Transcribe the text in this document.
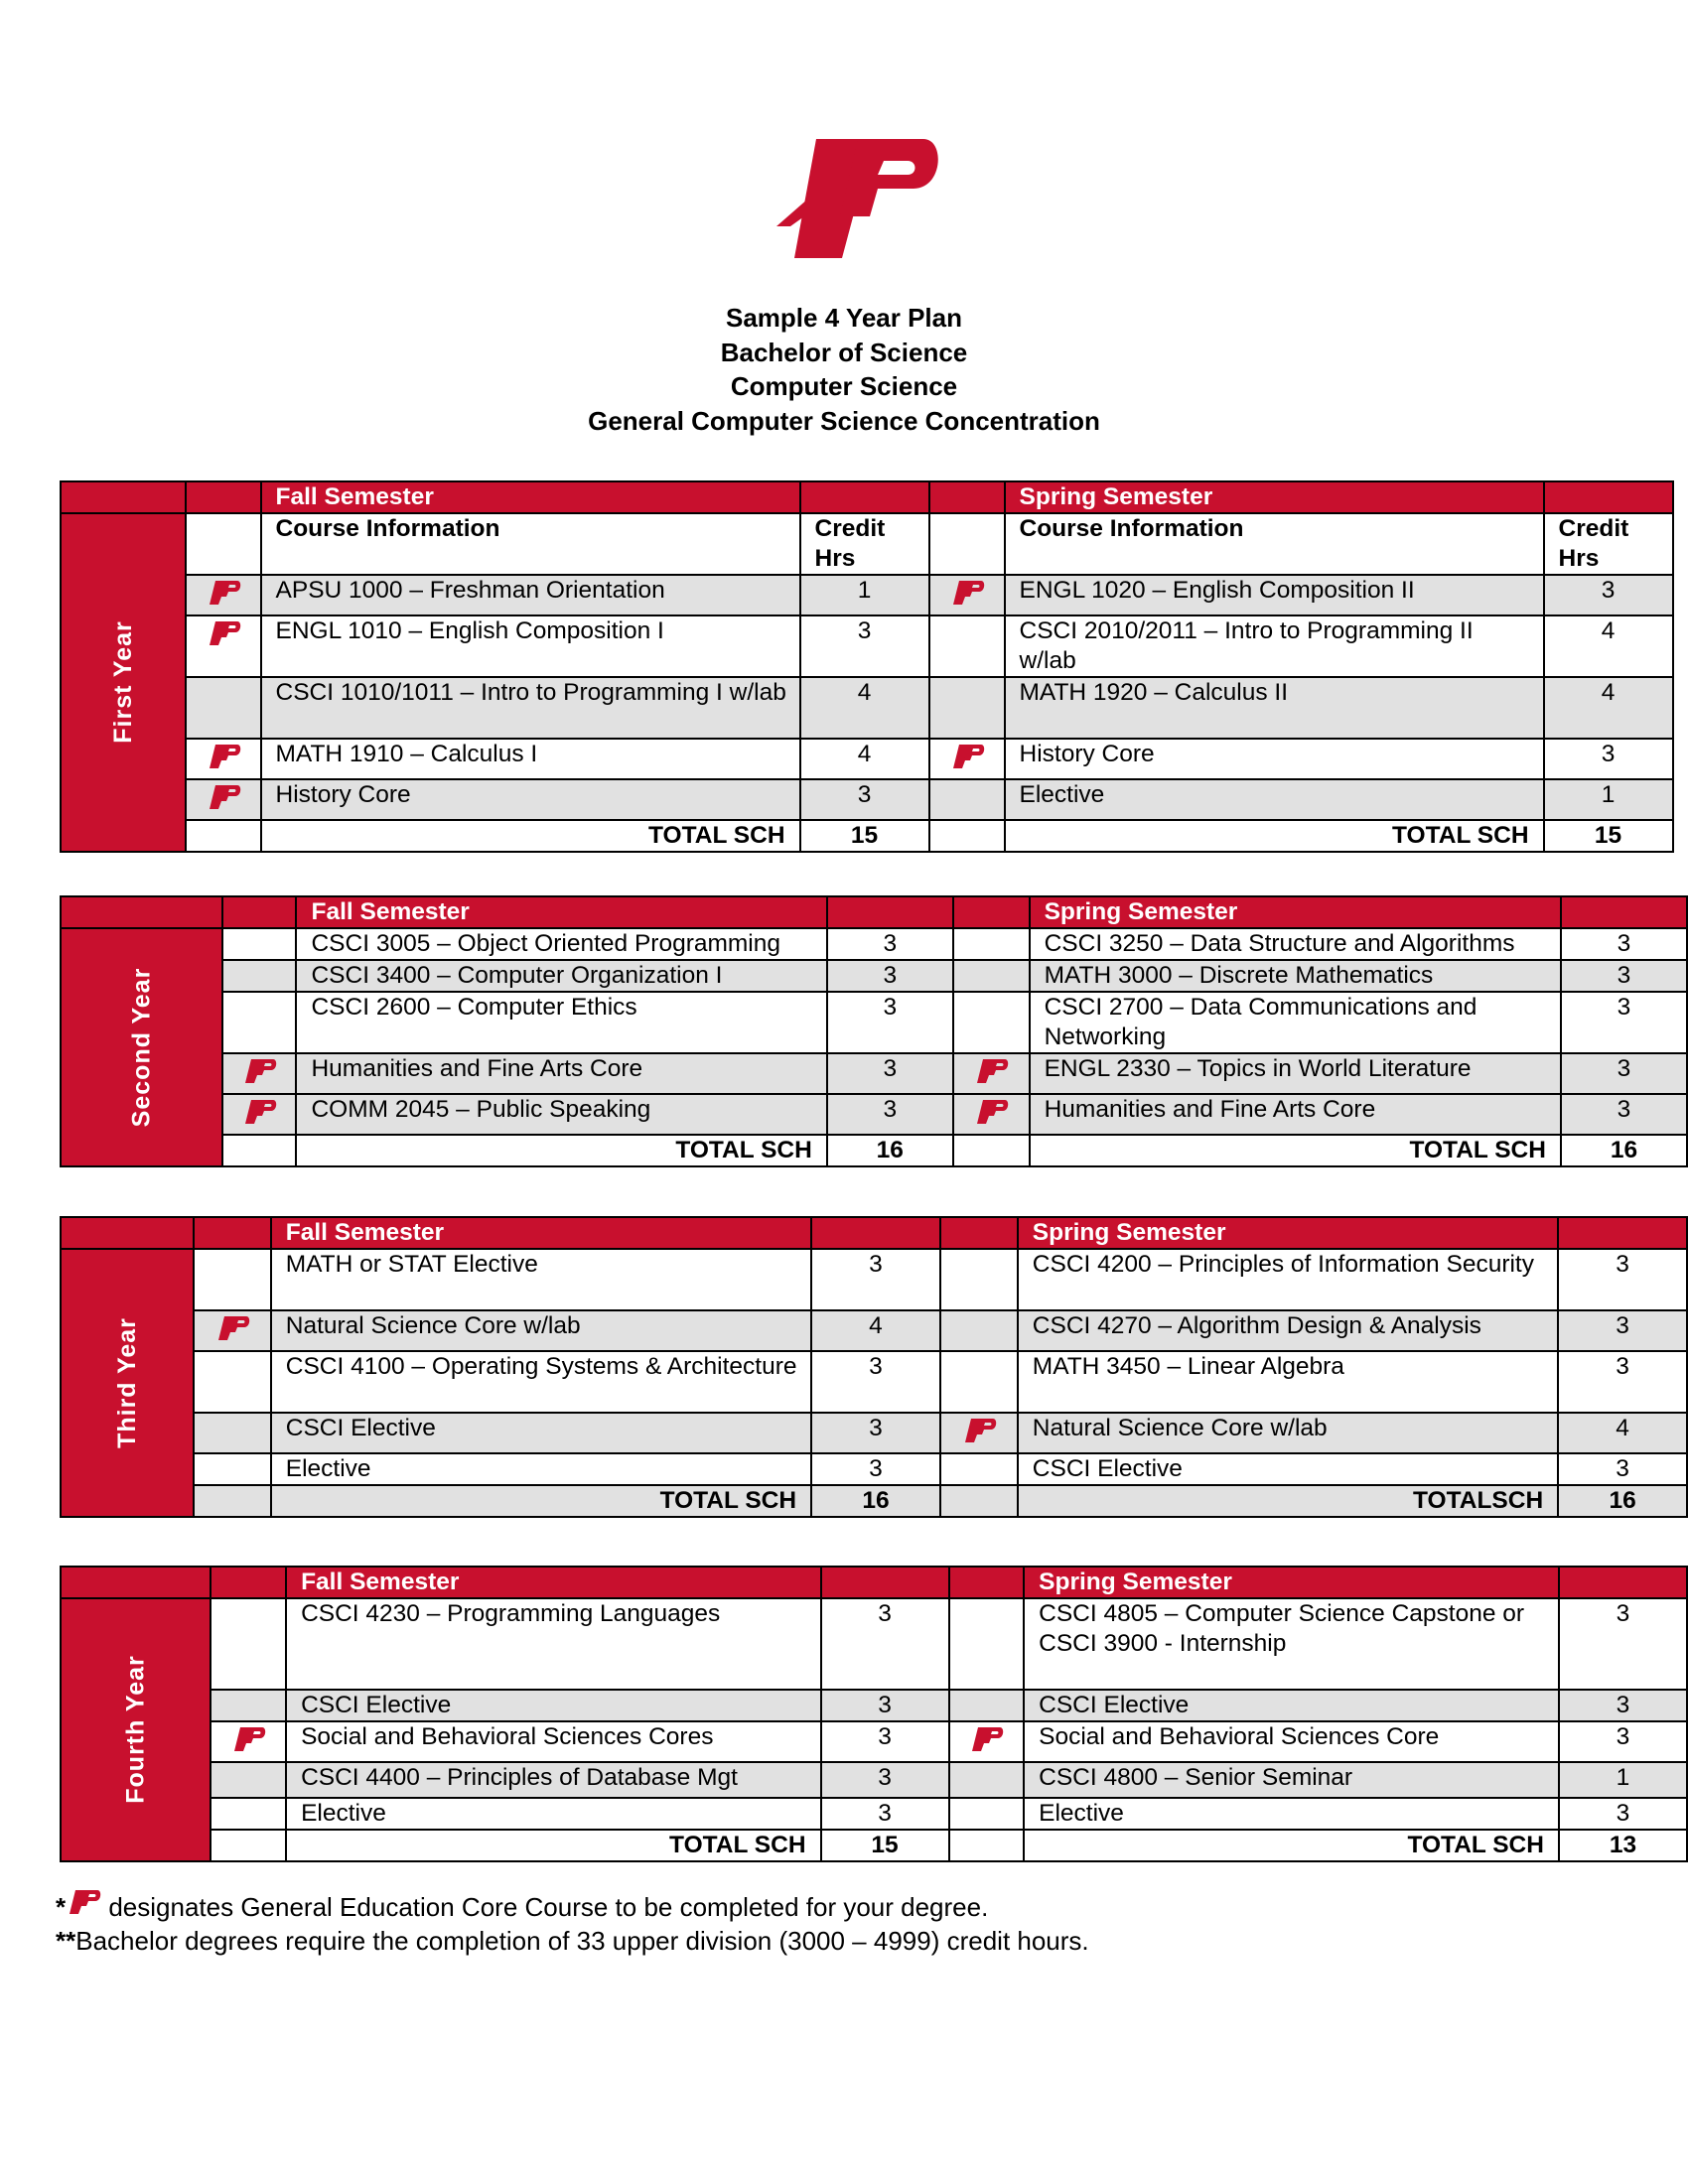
Sample 4 Year Plan
Bachelor of Science
Computer Science
General Computer Science Concentration
		Fall Semester			Spring Semester	
First Year		Course Information	Credit Hrs		Course Information	Credit Hrs
	APSU 1000 – Freshman Orientation	1		ENGL 1020 – English Composition II	3
	ENGL 1010 – English Composition I	3		CSCI 2010/2011 – Intro to Programming II w/lab	4
		CSCI 1010/1011 – Intro to Programming I w/lab	4		MATH 1920 – Calculus II	4
	MATH 1910 – Calculus I	4		History Core	3
	History Core	3		Elective	1
		TOTAL SCH	15		TOTAL SCH	15
		Fall Semester			Spring Semester	
Second Year		CSCI 3005 – Object Oriented Programming	3		CSCI 3250 – Data Structure and Algorithms	3
		CSCI 3400 – Computer Organization I	3		MATH 3000 – Discrete Mathematics	3
		CSCI 2600 – Computer Ethics	3		CSCI 2700 – Data Communications and Networking	3
	Humanities and Fine Arts Core	3		ENGL 2330 – Topics in World Literature	3
	COMM 2045 – Public Speaking	3		Humanities and Fine Arts Core	3
		TOTAL SCH	16		TOTAL SCH	16
		Fall Semester			Spring Semester	
Third Year		MATH or STAT Elective	3		CSCI 4200 – Principles of Information Security	3
	Natural Science Core w/lab	4		CSCI 4270 – Algorithm Design & Analysis	3
		CSCI 4100 – Operating Systems & Architecture	3		MATH 3450 – Linear Algebra	3
		CSCI Elective	3		Natural Science Core w/lab	4
		Elective	3		CSCI Elective	3
		TOTAL SCH	16		TOTALSCH	16
		Fall Semester			Spring Semester	
Fourth Year		CSCI 4230 – Programming Languages	3		CSCI 4805 – Computer Science Capstone or
CSCI 3900 - Internship	3
		CSCI Elective	3		CSCI Elective	3
	Social and Behavioral Sciences Cores	3		Social and Behavioral Sciences Core	3
		CSCI 4400 – Principles of Database Mgt	3		CSCI 4800 – Senior Seminar	1
		Elective	3		Elective	3
		TOTAL SCH	15		TOTAL SCH	13
* designates General Education Core Course to be completed for your degree.
**Bachelor degrees require the completion of 33 upper division (3000 – 4999) credit hours.
